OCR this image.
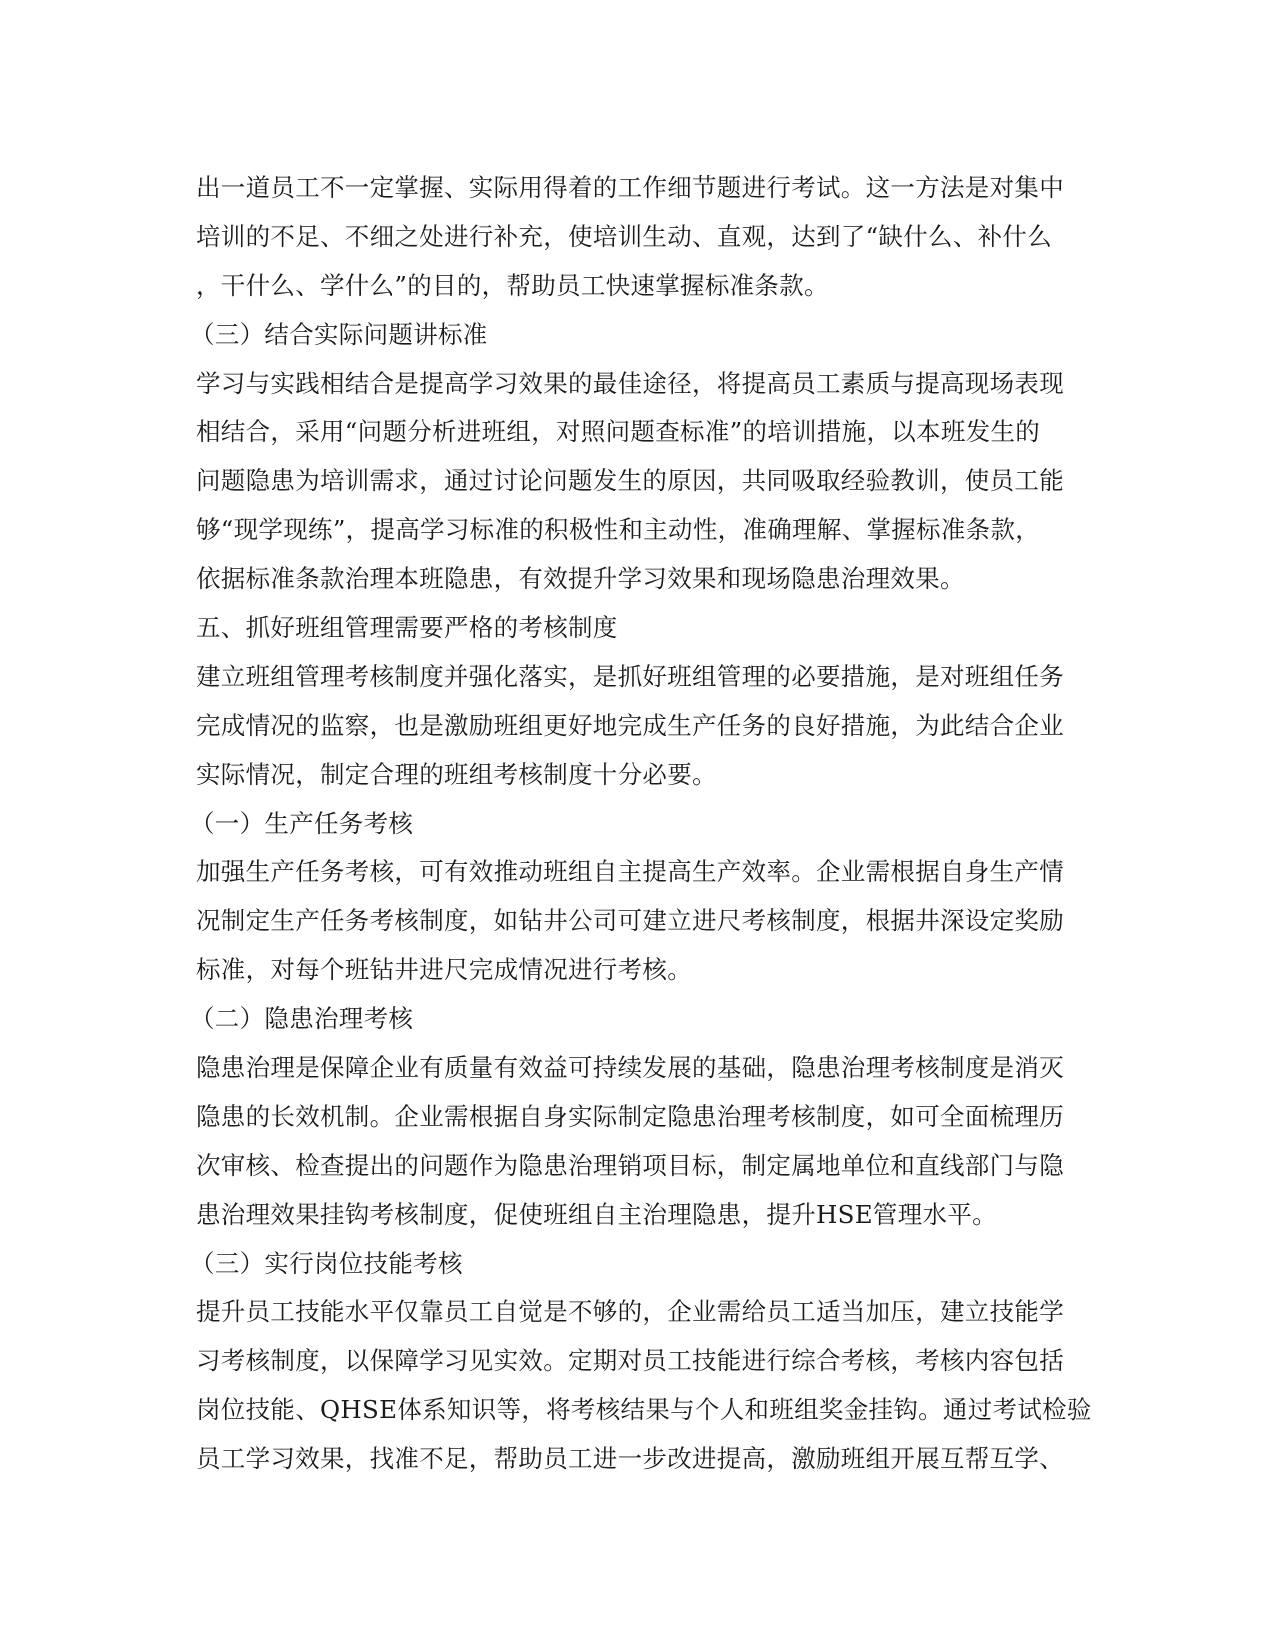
出一道员工不一定掌握、实际用得着的工作细节题进行考试。这一方法是对集中
培训的不足、不细之处进行补充，使培训生动、直观，达到了“缺什么、补什么
，干什么、学什么”的目的，帮助员工快速掌握标准条款。
（三）结合实际问题讲标准
学习与实践相结合是提高学习效果的最佳途径，将提高员工素质与提高现场表现
相结合，采用“问题分析进班组，对照问题查标准”的培训措施，以本班发生的
问题隐患为培训需求，通过讨论问题发生的原因，共同吸取经验教训，使员工能
够“现学现练”，提高学习标准的积极性和主动性，准确理解、掌握标准条款，
依据标准条款治理本班隐患，有效提升学习效果和现场隐患治理效果。
五、抓好班组管理需要严格的考核制度
建立班组管理考核制度并强化落实，是抓好班组管理的必要措施，是对班组任务
完成情况的监察，也是激励班组更好地完成生产任务的良好措施，为此结合企业
实际情况，制定合理的班组考核制度十分必要。
（一）生产任务考核
加强生产任务考核，可有效推动班组自主提高生产效率。企业需根据自身生产情
况制定生产任务考核制度，如钻井公司可建立进尺考核制度，根据井深设定奖励
标准，对每个班钻井进尺完成情况进行考核。
（二）隐患治理考核
隐患治理是保障企业有质量有效益可持续发展的基础，隐患治理考核制度是消灭
隐患的长效机制。企业需根据自身实际制定隐患治理考核制度，如可全面梳理历
次审核、检查提出的问题作为隐患治理销项目标，制定属地单位和直线部门与隐
患治理效果挂钩考核制度，促使班组自主治理隐患，提升HSE管理水平。
（三）实行岗位技能考核
提升员工技能水平仅靠员工自觉是不够的，企业需给员工适当加压，建立技能学
习考核制度，以保障学习见实效。定期对员工技能进行综合考核，考核内容包括
岗位技能、QHSE体系知识等，将考核结果与个人和班组奖金挂钩。通过考试检验
员工学习效果，找准不足，帮助员工进一步改进提高，激励班组开展互帮互学、
